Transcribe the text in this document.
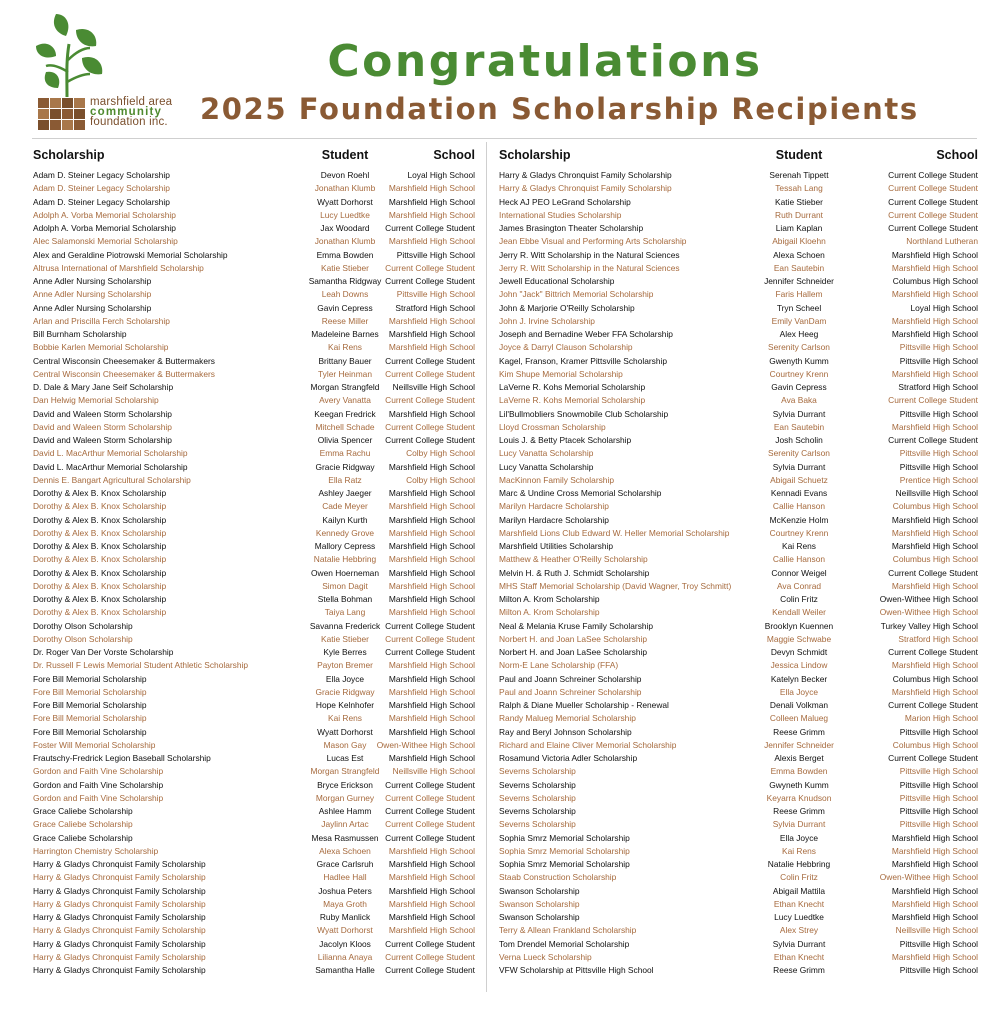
marshfield area
community
foundation inc.
Congratulations
2025 Foundation Scholarship Recipients
Scholarship	Student	School
Adam D. Steiner Legacy Scholarship	Devon Roehl	Loyal High School
Adam D. Steiner Legacy Scholarship	Jonathan Klumb	Marshfield High School
Adam D. Steiner Legacy Scholarship	Wyatt Dorhorst	Marshfield High School
Adolph A. Vorba Memorial Scholarship	Lucy Luedtke	Marshfield High School
Adolph A. Vorba Memorial Scholarship	Jax Woodard	Current College Student
Alec Salamonski Memorial Scholarship	Jonathan Klumb	Marshfield High School
Alex and Geraldine Piotrowski Memorial Scholarship	Emma Bowden	Pittsville High School
Altrusa International of Marshfield Scholarship	Katie Stieber	Current College Student
Anne Adler Nursing Scholarship	Samantha Ridgway Current College Student
Anne Adler Nursing Scholarship	Leah Downs	Pittsville High School
Anne Adler Nursing Scholarship	Gavin Cepress	Stratford High School
Arlan and Priscilla Ferch Scholarship	Reese Miller	Marshfield High School
Bill Burnham Scholarship	Madeleine Barnes	Marshfield High School
Bobbie Karlen Memorial Scholarship	Kai Rens	Marshfield High School
Central Wisconsin Cheesemaker & Buttermakers	Brittany Bauer	Current College Student
Central Wisconsin Cheesemaker & Buttermakers	Tyler Heinman	Current College Student
D. Dale & Mary Jane Seif Scholarship	Morgan Strangfeld	Neillsville High School
Dan Helwig Memorial Scholarship	Avery Vanatta	Current College Student
David and Waleen Storm Scholarship	Keegan Fredrick	Marshfield High School
David and Waleen Storm Scholarship	Mitchell Schade	Current College Student
David and Waleen Storm Scholarship	Olivia Spencer	Current College Student
David L. MacArthur Memorial Scholarship	Emma Rachu	Colby High School
David L. MacArthur Memorial Scholarship	Gracie Ridgway	Marshfield High School
Dennis E. Bangart Agricultural Scholarship	Ella Ratz	Colby High School
Dorothy & Alex B. Knox Scholarship	Ashley Jaeger	Marshfield High School
Dorothy & Alex B. Knox Scholarship	Cade Meyer	Marshfield High School
Dorothy & Alex B. Knox Scholarship	Kailyn Kurth	Marshfield High School
Dorothy & Alex B. Knox Scholarship	Kennedy Grove	Marshfield High School
Dorothy & Alex B. Knox Scholarship	Mallory Cepress	Marshfield High School
Dorothy & Alex B. Knox Scholarship	Natalie Hebbring	Marshfield High School
Dorothy & Alex B. Knox Scholarship	Owen Hoerneman	Marshfield High School
Dorothy & Alex B. Knox Scholarship	Simon Dagit	Marshfield High School
Dorothy & Alex B. Knox Scholarship	Stella Bohman	Marshfield High School
Dorothy & Alex B. Knox Scholarship	Taiya Lang	Marshfield High School
Dorothy Olson Scholarship	Savanna Frederick Current College Student
Dorothy Olson Scholarship	Katie Stieber	Current College Student
Dr. Roger Van Der Vorste Scholarship	Kyle Berres	Current College Student
Dr. Russell F Lewis Memorial Student Athletic Scholarship	Payton Bremer	Marshfield High School
Fore Bill Memorial Scholarship	Ella Joyce	Marshfield High School
Fore Bill Memorial Scholarship	Gracie Ridgway	Marshfield High School
Fore Bill Memorial Scholarship	Hope Kelnhofer	Marshfield High School
Fore Bill Memorial Scholarship	Kai Rens	Marshfield High School
Fore Bill Memorial Scholarship	Wyatt Dorhorst	Marshfield High School
Foster Will Memorial Scholarship	Mason Gay	Owen-Withee High School
Frautschy-Fredrick Legion Baseball Scholarship	Lucas Est	Marshfield High School
Gordon and Faith Vine Scholarship	Morgan Strangfeld	Neillsville High School
Gordon and Faith Vine Scholarship	Bryce Erickson	Current College Student
Gordon and Faith Vine Scholarship	Morgan Gurney	Current College Student
Grace Caliebe Scholarship	Ashlee Hamm	Current College Student
Grace Caliebe Scholarship	Jaylinn Artac	Current College Student
Grace Caliebe Scholarship	Mesa Rasmussen Current College Student
Harrington Chemistry Scholarship	Alexa Schoen	Marshfield High School
Harry & Gladys Chronquist Family Scholarship	Grace Carlsruh	Marshfield High School
Harry & Gladys Chronquist Family Scholarship	Hadlee Hall	Marshfield High School
Harry & Gladys Chronquist Family Scholarship	Joshua Peters	Marshfield High School
Harry & Gladys Chronquist Family Scholarship	Maya Groth	Marshfield High School
Harry & Gladys Chronquist Family Scholarship	Ruby Manlick	Marshfield High School
Harry & Gladys Chronquist Family Scholarship	Wyatt Dorhorst	Marshfield High School
Harry & Gladys Chronquist Family Scholarship	Jacolyn Kloos	Current College Student
Harry & Gladys Chronquist Family Scholarship	Lilianna Anaya	Current College Student
Harry & Gladys Chronquist Family Scholarship	Samantha Halle	Current College Student
Scholarship	Student	School
Harry & Gladys Chronquist Family Scholarship	Serenah Tippett	Current College Student
Harry & Gladys Chronquist Family Scholarship	Tessah Lang	Current College Student
Heck AJ PEO LeGrand Scholarship	Katie Stieber	Current College Student
International Studies Scholarship	Ruth Durrant	Current College Student
James Brasington Theater Scholarship	Liam Kaplan	Current College Student
Jean Ebbe Visual and Performing Arts Scholarship	Abigail Kloehn	Northland Lutheran
Jerry R. Witt Scholarship in the Natural Sciences	Alexa Schoen	Marshfield High School
Jerry R. Witt Scholarship in the Natural Sciences	Ean Sautebin	Marshfield High School
Jewell Educational Scholarship	Jennifer Schneider	Columbus High School
John "Jack" Bittrich Memorial Scholarship	Faris Hallem	Marshfield High School
John & Marjorie O'Reilly Scholarship	Tryn Scheel	Loyal High School
John J. Irvine Scholarship	Emily VanDam	Marshfield High School
Joseph and Bernadine Weber FFA Scholarship	Alex Heeg	Marshfield High School
Joyce & Darryl Clauson Scholarship	Serenity Carlson	Pittsville High School
Kagel, Franson, Kramer Pittsville Scholarship	Gwenyth Kumm	Pittsville High School
Kim Shupe Memorial Scholarship	Courtney Krenn	Marshfield High School
LaVerne R. Kohs Memorial Scholarship	Gavin Cepress	Stratford High School
LaVerne R. Kohs Memorial Scholarship	Ava Baka	Current College Student
Lil'Bullmobliers Snowmobile Club Scholarship	Sylvia Durrant	Pittsville High School
Lloyd Crossman Scholarship	Ean Sautebin	Marshfield High School
Louis J. & Betty Ptacek Scholarship	Josh Scholin	Current College Student
Lucy Vanatta Scholarship	Serenity Carlson	Pittsville High School
Lucy Vanatta Scholarship	Sylvia Durrant	Pittsville High School
MacKinnon Family Scholarship	Abigail Schuetz	Prentice High School
Marc & Undine Cross Memorial Scholarship	Kennadi Evans	Neillsville High School
Marilyn Hardacre Scholarship	Callie Hanson	Columbus High School
Marilyn Hardacre Scholarship	McKenzie Holm	Marshfield High School
Marshfield Lions Club Edward W. Heller Memorial Scholarship	Courtney Krenn	Marshfield High School
Marshfield Utilities Scholarship	Kai Rens	Marshfield High School
Matthew & Heather O'Reilly Scholarship	Callie Hanson	Columbus High School
Melvin H. & Ruth J. Schmidt Scholarship	Connor Weigel	Current College Student
MHS Staff Memorial Scholarship (David Wagner, Troy Schmitt)	Ava Conrad	Marshfield High School
Milton A. Krom Scholarship	Colin Fritz	Owen-Withee High School
Milton A. Krom Scholarship	Kendall Weiler	Owen-Withee High School
Neal & Melania Kruse Family Scholarship	Brooklyn Kuennen	Turkey Valley High School
Norbert H. and Joan LaSee Scholarship	Maggie Schwabe	Stratford High School
Norbert H. and Joan LaSee Scholarship	Devyn Schmidt	Current College Student
Norm-E Lane Scholarship (FFA)	Jessica Lindow	Marshfield High School
Paul and Joann Schreiner Scholarship	Katelyn Becker	Columbus High School
Paul and Joann Schreiner Scholarship	Ella Joyce	Marshfield High School
Ralph & Diane Mueller Scholarship - Renewal	Denali Volkman	Current College Student
Randy Malueg Memorial Scholarship	Colleen Malueg	Marion High School
Ray and Beryl Johnson Scholarship	Reese Grimm	Pittsville High School
Richard and Elaine Cliver Memorial Scholarship	Jennifer Schneider	Columbus High School
Rosamund Victoria Adler Scholarship	Alexis Berget	Current College Student
Severns Scholarship	Emma Bowden	Pittsville High School
Severns Scholarship	Gwyneth Kumm	Pittsville High School
Severns Scholarship	Keyarra Knudson	Pittsville High School
Severns Scholarship	Reese Grimm	Pittsville High School
Severns Scholarship	Sylvia Durrant	Pittsville High School
Sophia Smrz Memorial Scholarship	Ella Joyce	Marshfield High School
Sophia Smrz Memorial Scholarship	Kai Rens	Marshfield High School
Sophia Smrz Memorial Scholarship	Natalie Hebbring	Marshfield High School
Staab Construction Scholarship	Colin Fritz	Owen-Withee High School
Swanson Scholarship	Abigail Mattila	Marshfield High School
Swanson Scholarship	Ethan Knecht	Marshfield High School
Swanson Scholarship	Lucy Luedtke	Marshfield High School
Terry & Allean Frankland Scholarship	Alex Strey	Neillsville High School
Tom Drendel Memorial Scholarship	Sylvia Durrant	Pittsville High School
Verna Lueck Scholarship	Ethan Knecht	Marshfield High School
VFW Scholarship at Pittsville High School	Reese Grimm	Pittsville High School
